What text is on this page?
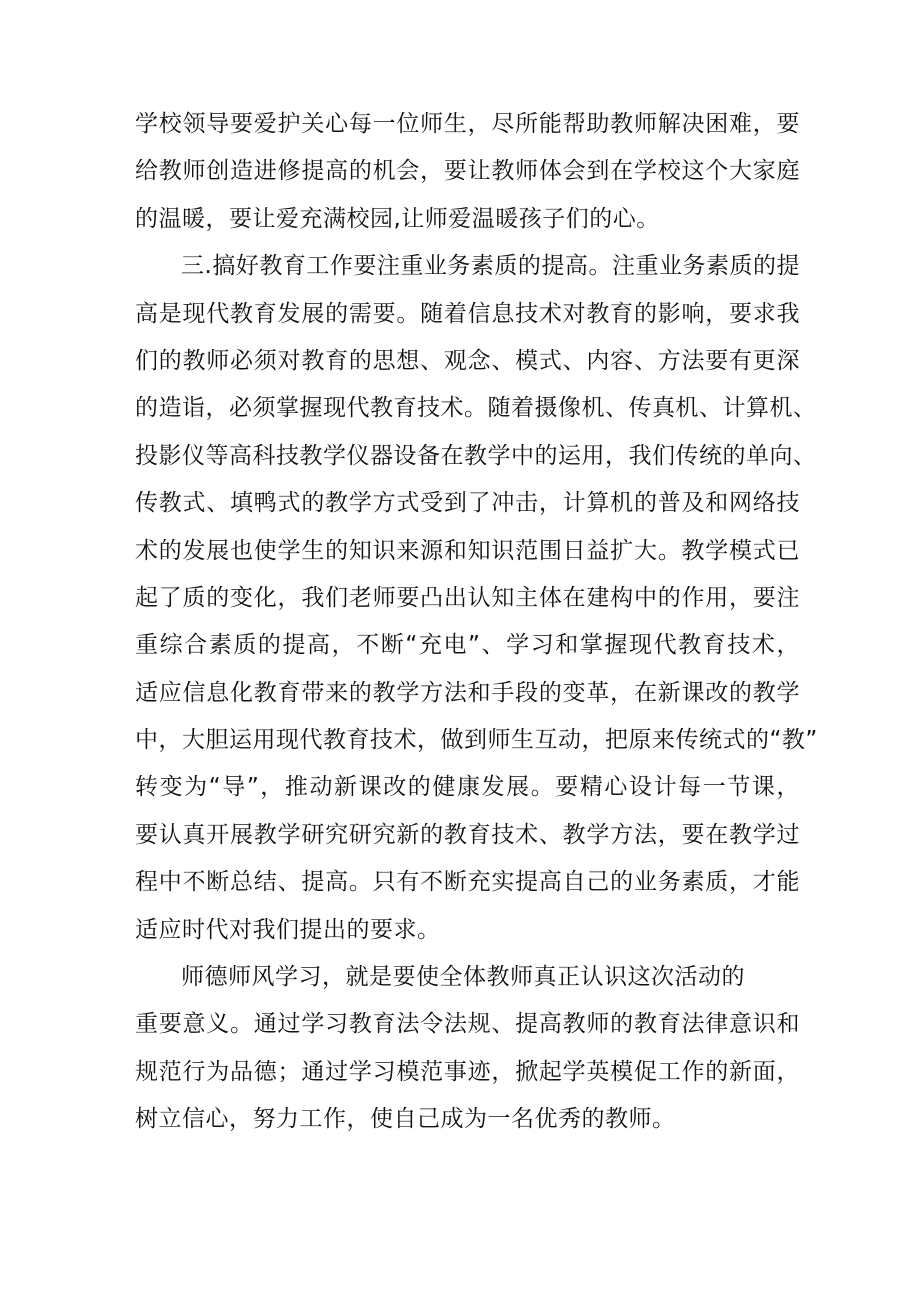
学校领导要爱护关心每一位师生，尽所能帮助教师解决困难，要
给教师创造进修提高的机会，要让教师体会到在学校这个大家庭
的温暖，要让爱充满校园,让师爱温暖孩子们的心。
三.搞好教育工作要注重业务素质的提高。注重业务素质的提
高是现代教育发展的需要。随着信息技术对教育的影响，要求我
们的教师必须对教育的思想、观念、模式、内容、方法要有更深
的造诣，必须掌握现代教育技术。随着摄像机、传真机、计算机、
投影仪等高科技教学仪器设备在教学中的运用，我们传统的单向、
传教式、填鸭式的教学方式受到了冲击，计算机的普及和网络技
术的发展也使学生的知识来源和知识范围日益扩大。教学模式已
起了质的变化，我们老师要凸出认知主体在建构中的作用，要注
重综合素质的提高，不断“充电”、学习和掌握现代教育技术，
适应信息化教育带来的教学方法和手段的变革，在新课改的教学
中，大胆运用现代教育技术，做到师生互动，把原来传统式的“教”
转变为“导”，推动新课改的健康发展。要精心设计每一节课，
要认真开展教学研究研究新的教育技术、教学方法，要在教学过
程中不断总结、提高。只有不断充实提高自己的业务素质，才能
适应时代对我们提出的要求。
师德师风学习，就是要使全体教师真正认识这次活动的
重要意义。通过学习教育法令法规、提高教师的教育法律意识和
规范行为品德；通过学习模范事迹，掀起学英模促工作的新面，
树立信心，努力工作，使自己成为一名优秀的教师。
